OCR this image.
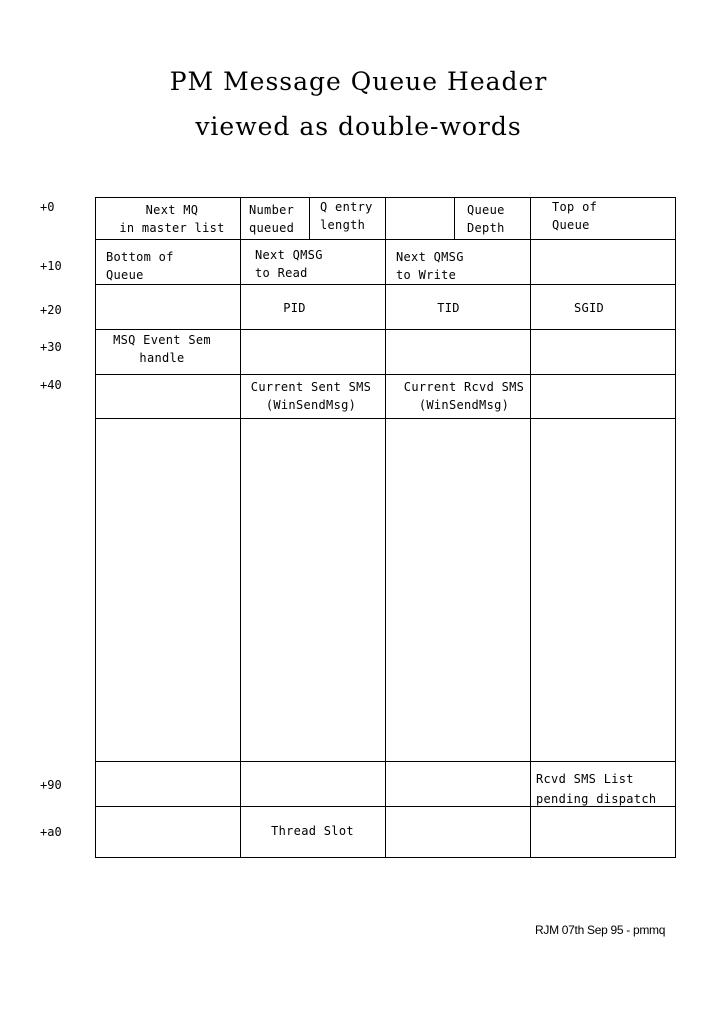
PM Message Queue Header
viewed as double-words
+0
+10
+20
+30
+40
+90
+a0
Next MQ
in master list
Number
queued
Q entry
length
Queue
Depth
Top of
Queue
Bottom of
Queue
Next QMSG
to Read
Next QMSG
to Write
PID	TID	SGID
MSQ Event Sem
handle
Current Sent SMS
(WinSendMsg)
Current Rcvd SMS
(WinSendMsg)
Rcvd SMS List
pending dispatch
Thread Slot
RJM 07th Sep 95 - pmmq
